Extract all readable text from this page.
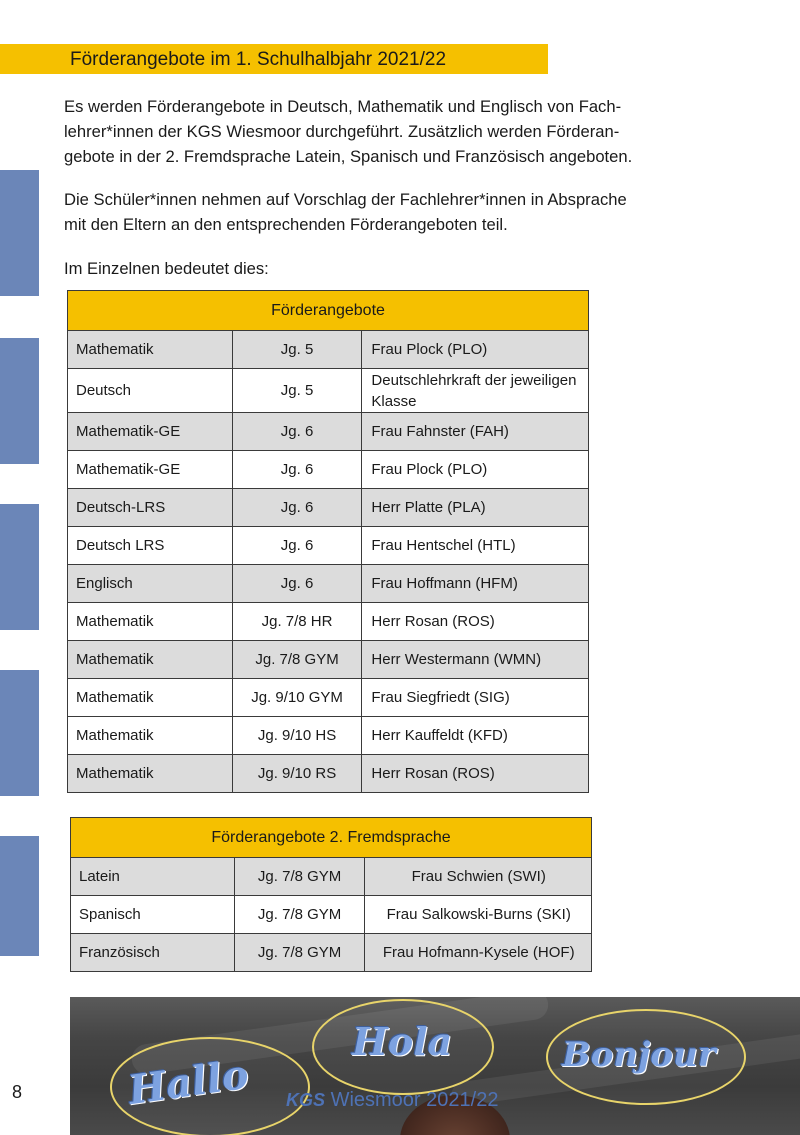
Förderangebote im 1. Schulhalbjahr 2021/22
Es werden Förderangebote in Deutsch, Mathematik und Englisch von Fach-
lehrer*innen der KGS Wiesmoor durchgeführt. Zusätzlich werden Förderan-
gebote in der 2. Fremdsprache Latein, Spanisch und Französisch angeboten.
Die Schüler*innen nehmen auf Vorschlag der Fachlehrer*innen in Absprache
mit den Eltern an den entsprechenden Förderangeboten teil.
Im Einzelnen bedeutet dies:
Förderangebote		
Mathematik	Jg. 5	Frau Plock (PLO)
Deutsch	Jg. 5	Deutschlehrkraft der jeweiligen Klasse
Mathematik-GE	Jg. 6	Frau Fahnster (FAH)
Mathematik-GE	Jg. 6	Frau Plock (PLO)
Deutsch-LRS	Jg. 6	Herr Platte (PLA)
Deutsch LRS	Jg. 6	Frau Hentschel (HTL)
Englisch	Jg. 6	Frau Hoffmann (HFM)
Mathematik	Jg. 7/8 HR	Herr Rosan (ROS)
Mathematik	Jg. 7/8 GYM	Herr Westermann (WMN)
Mathematik	Jg. 9/10 GYM	Frau Siegfriedt (SIG)
Mathematik	Jg. 9/10 HS	Herr Kauffeldt (KFD)
Mathematik	Jg. 9/10 RS	Herr Rosan (ROS)
Förderangebote 2. Fremdsprache		
Latein	Jg. 7/8 GYM	Frau Schwien (SWI)
Spanisch	Jg. 7/8 GYM	Frau Salkowski-Burns (SKI)
Französisch	Jg. 7/8 GYM	Frau Hofmann-Kysele (HOF)
Hallo
Hola	Bonjour
KGS Wiesmoor 2021/22
8
